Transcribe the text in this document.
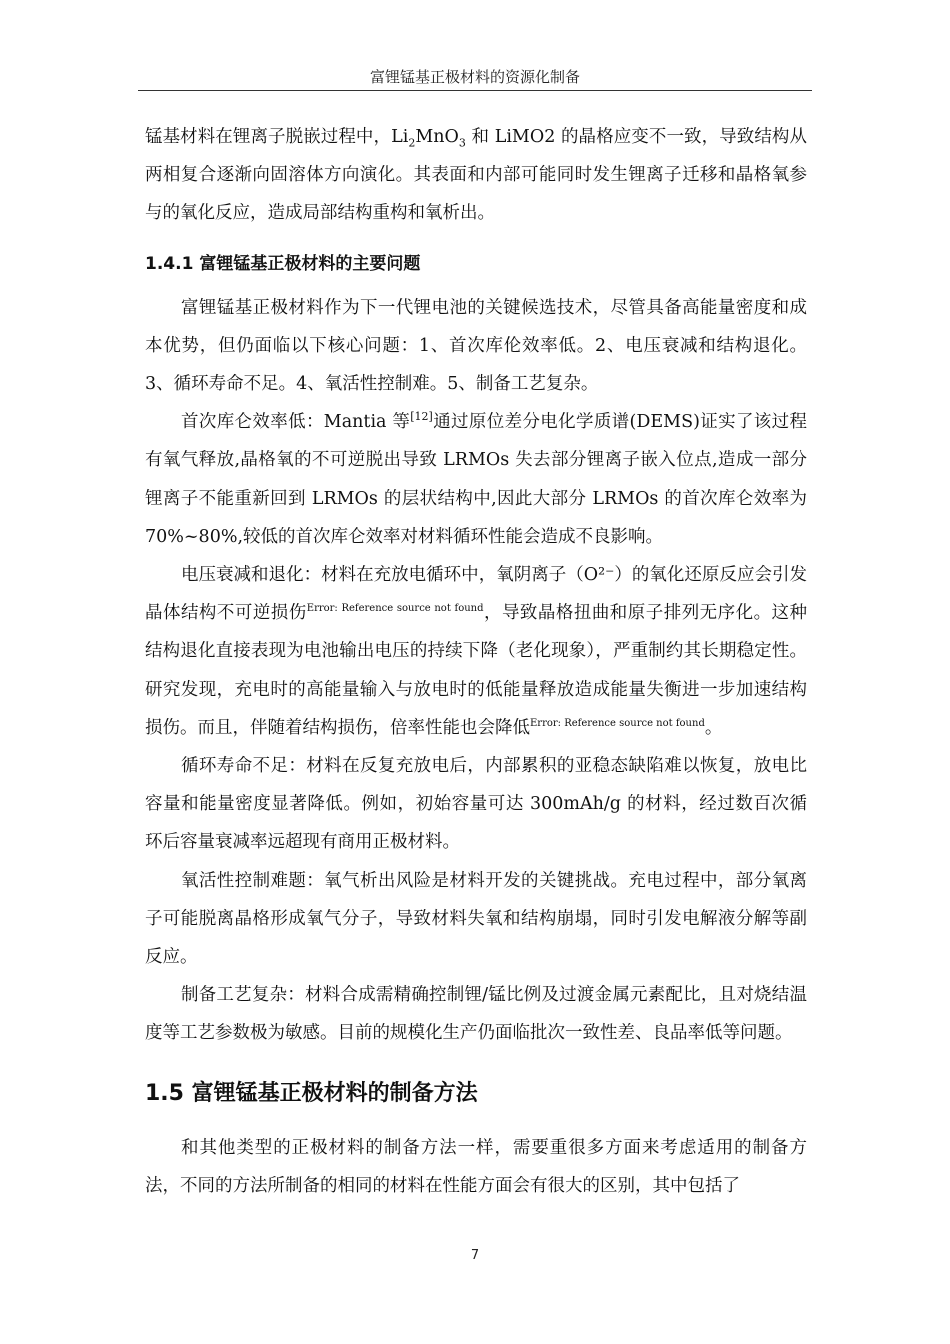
富锂锰基正极材料的资源化制备

锰基材料在锂离子脱嵌过程中，$Li_2MnO_3$ 和 LiMO2 的晶格应变不一致，导致结构从两相复合逐渐向固溶体方向演化。其表面和内部可能同时发生锂离子迁移和晶格氧参与的氧化反应，造成局部结构重构和氧析出。

1.4.1 富锂锰基正极材料的主要问题

富锂锰基正极材料作为下一代锂电池的关键候选技术，尽管具备高能量密度和成本优势，但仍面临以下核心问题：1、首次库伦效率低。2、电压衰减和结构退化。3、循环寿命不足。4、氧活性控制难。5、制备工艺复杂。

首次库仑效率低：Mantia 等[12]通过原位差分电化学质谱(DEMS)证实了该过程有氧气释放,晶格氧的不可逆脱出导致 LRMOs 失去部分锂离子嵌入位点,造成一部分锂离子不能重新回到 LRMOs 的层状结构中,因此大部分 LRMOs 的首次库仑效率为 70%~80%,较低的首次库仑效率对材料循环性能会造成不良影响。

电压衰减和退化：材料在充放电循环中，氧阴离子（O²⁻）的氧化还原反应会引发晶体结构不可逆损伤$^{Error: Reference source not found}$，导致晶格扭曲和原子排列无序化。这种结构退化直接表现为电池输出电压的持续下降（老化现象），严重制约其长期稳定性。研究发现，充电时的高能量输入与放电时的低能量释放造成能量失衡进一步加速结构损伤。而且，伴随着结构损伤，倍率性能也会降低$^{Error: Reference source not found}$。

循环寿命不足：材料在反复充放电后，内部累积的亚稳态缺陷难以恢复，放电比容量和能量密度显著降低。例如，初始容量可达 300mAh/g 的材料，经过数百次循环后容量衰减率远超现有商用正极材料。

氧活性控制难题：氧气析出风险是材料开发的关键挑战。充电过程中，部分氧离子可能脱离晶格形成氧气分子，导致材料失氧和结构崩塌，同时引发电解液分解等副反应。

制备工艺复杂：材料合成需精确控制锂/锰比例及过渡金属元素配比，且对烧结温度等工艺参数极为敏感。目前的规模化生产仍面临批次一致性差、良品率低等问题。

1.5 富锂锰基正极材料的制备方法

和其他类型的正极材料的制备方法一样，需要重很多方面来考虑适用的制备方法，不同的方法所制备的相同的材料在性能方面会有很大的区别，其中包括了

7
